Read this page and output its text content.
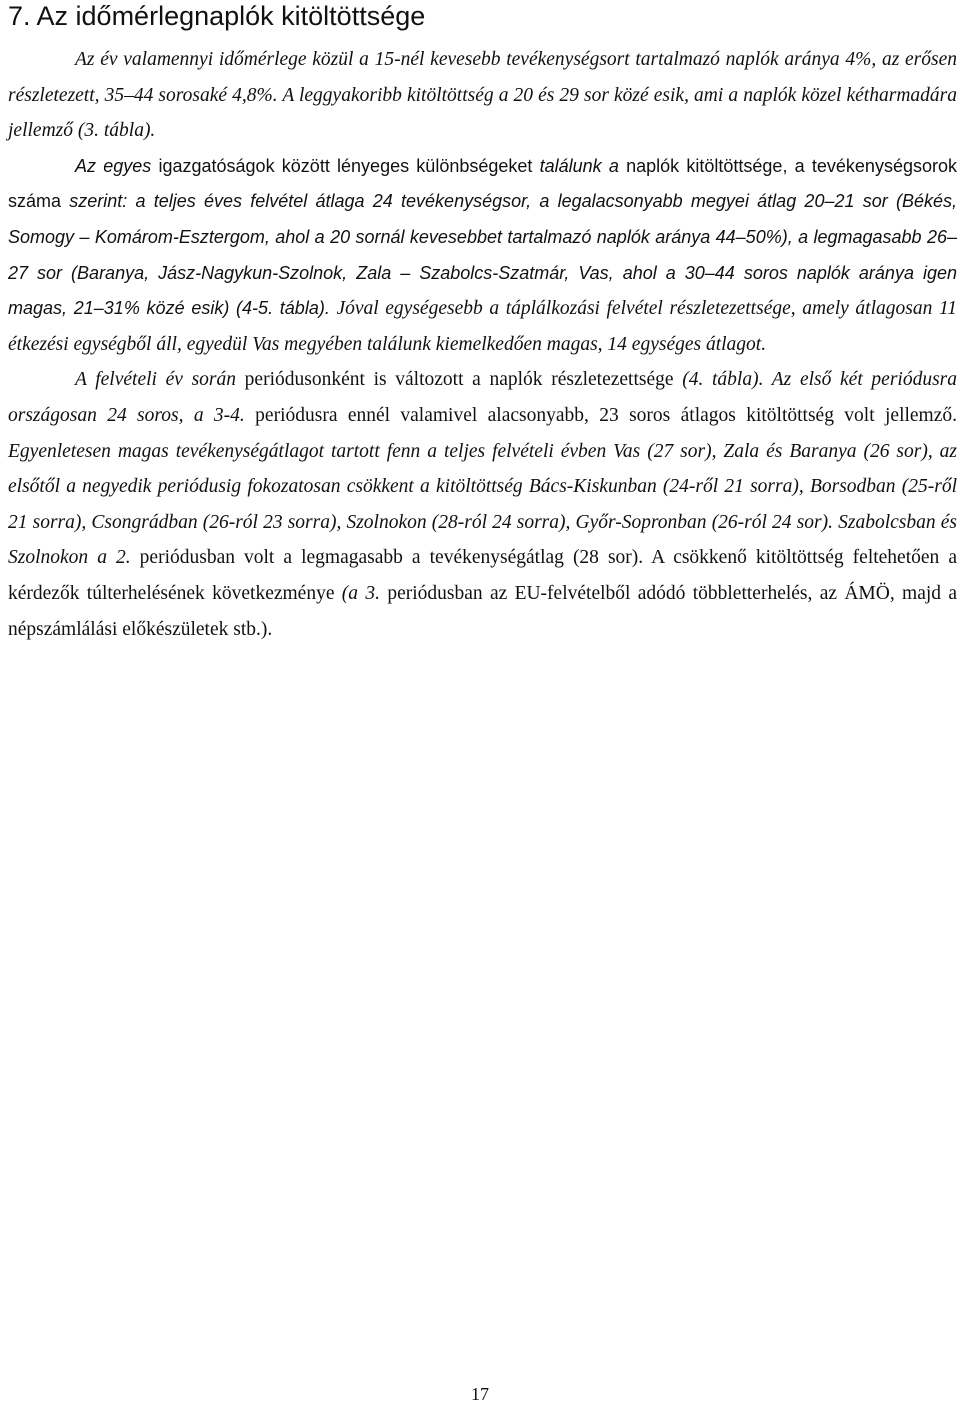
7. Az időmérlegnaplók kitöltöttsége

Az év valamennyi időmérlege közül a 15-nél kevesebb tevékenységsort tartalmazó naplók aránya 4%, az erősen részletezett, 35–44 sorosaké 4,8%. A leggyakoribb kitöltöttség a 20 és 29 sor közé esik, ami a naplók közel kétharmadára jellemző (3. tábla).

Az egyes igazgatóságok között lényeges különbségeket találunk a naplók kitöltöttsége, a tevékenységsorok száma szerint: a teljes éves felvétel átlaga 24 tevékenységsor, a legalacsonyabb megyei átlag 20–21 sor (Békés, Somogy – Komárom-Esztergom, ahol a 20 sornál kevesebbet tartalmazó naplók aránya 44–50%), a legmagasabb 26–27 sor (Baranya, Jász-Nagykun-Szolnok, Zala – Szabolcs-Szatmár, Vas, ahol a 30–44 soros naplók aránya igen magas, 21–31% közé esik) (4-5. tábla). Jóval egységesebb a táplálkozási felvétel részletezettsége, amely átlagosan 11 étkezési egységből áll, egyedül Vas megyében találunk kiemelkedően magas, 14 egységes átlagot.

A felvételi év során periódusonként is változott a naplók részletezettsége (4. tábla). Az első két periódusra országosan 24 soros, a 3-4. periódusra ennél valamivel alacsonyabb, 23 soros átlagos kitöltöttség volt jellemző. Egyenletesen magas tevékenységátlagot tartott fenn a teljes felvételi évben Vas (27 sor), Zala és Baranya (26 sor), az elsőtől a negyedik periódusig fokozatosan csökkent a kitöltöttség Bács-Kiskunban (24-ről 21 sorra), Borsodban (25-ről 21 sorra), Csongrádban (26-ról 23 sorra), Szolnokon (28-ról 24 sorra), Győr-Sopronban (26-ról 24 sor). Szabolcsban és Szolnokon a 2. periódusban volt a legmagasabb a tevékenységátlag (28 sor). A csökkenő kitöltöttség feltehetően a kérdezők túlterhelésének következménye (a 3. periódusban az EU-felvételből adódó többletterhelés, az ÁMÖ, majd a népszámlálási előkészületek stb.).

17
